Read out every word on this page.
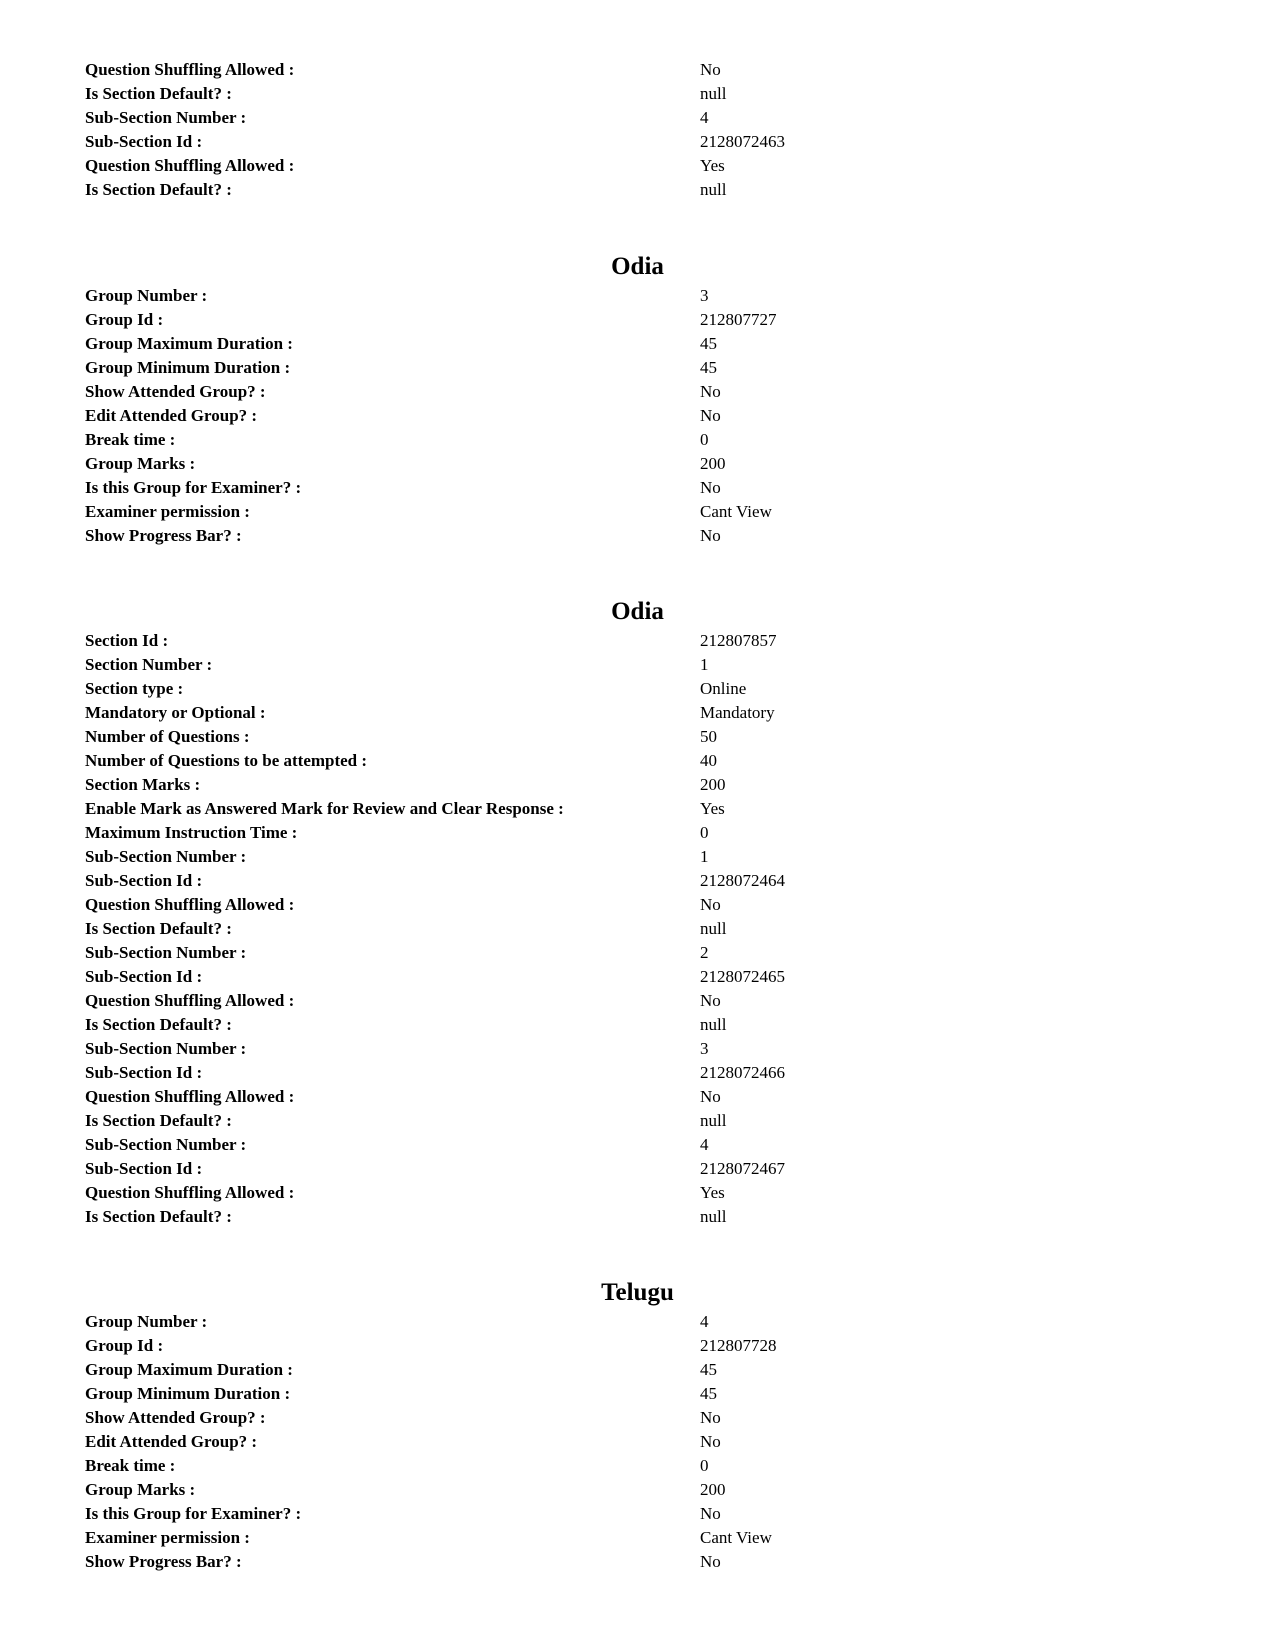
Question Shuffling Allowed :	No
Is Section Default? :	null
Sub-Section Number :	4
Sub-Section Id :	2128072463
Question Shuffling Allowed :	Yes
Is Section Default? :	null
Odia
Group Number :	3
Group Id :	212807727
Group Maximum Duration :	45
Group Minimum Duration :	45
Show Attended Group? :	No
Edit Attended Group? :	No
Break time :	0
Group Marks :	200
Is this Group for Examiner? :	No
Examiner permission :	Cant View
Show Progress Bar? :	No
Odia
Section Id :	212807857
Section Number :	1
Section type :	Online
Mandatory or Optional :	Mandatory
Number of Questions :	50
Number of Questions to be attempted :	40
Section Marks :	200
Enable Mark as Answered Mark for Review and Clear Response :	Yes
Maximum Instruction Time :	0
Sub-Section Number :	1
Sub-Section Id :	2128072464
Question Shuffling Allowed :	No
Is Section Default? :	null
Sub-Section Number :	2
Sub-Section Id :	2128072465
Question Shuffling Allowed :	No
Is Section Default? :	null
Sub-Section Number :	3
Sub-Section Id :	2128072466
Question Shuffling Allowed :	No
Is Section Default? :	null
Sub-Section Number :	4
Sub-Section Id :	2128072467
Question Shuffling Allowed :	Yes
Is Section Default? :	null
Telugu
Group Number :	4
Group Id :	212807728
Group Maximum Duration :	45
Group Minimum Duration :	45
Show Attended Group? :	No
Edit Attended Group? :	No
Break time :	0
Group Marks :	200
Is this Group for Examiner? :	No
Examiner permission :	Cant View
Show Progress Bar? :	No
